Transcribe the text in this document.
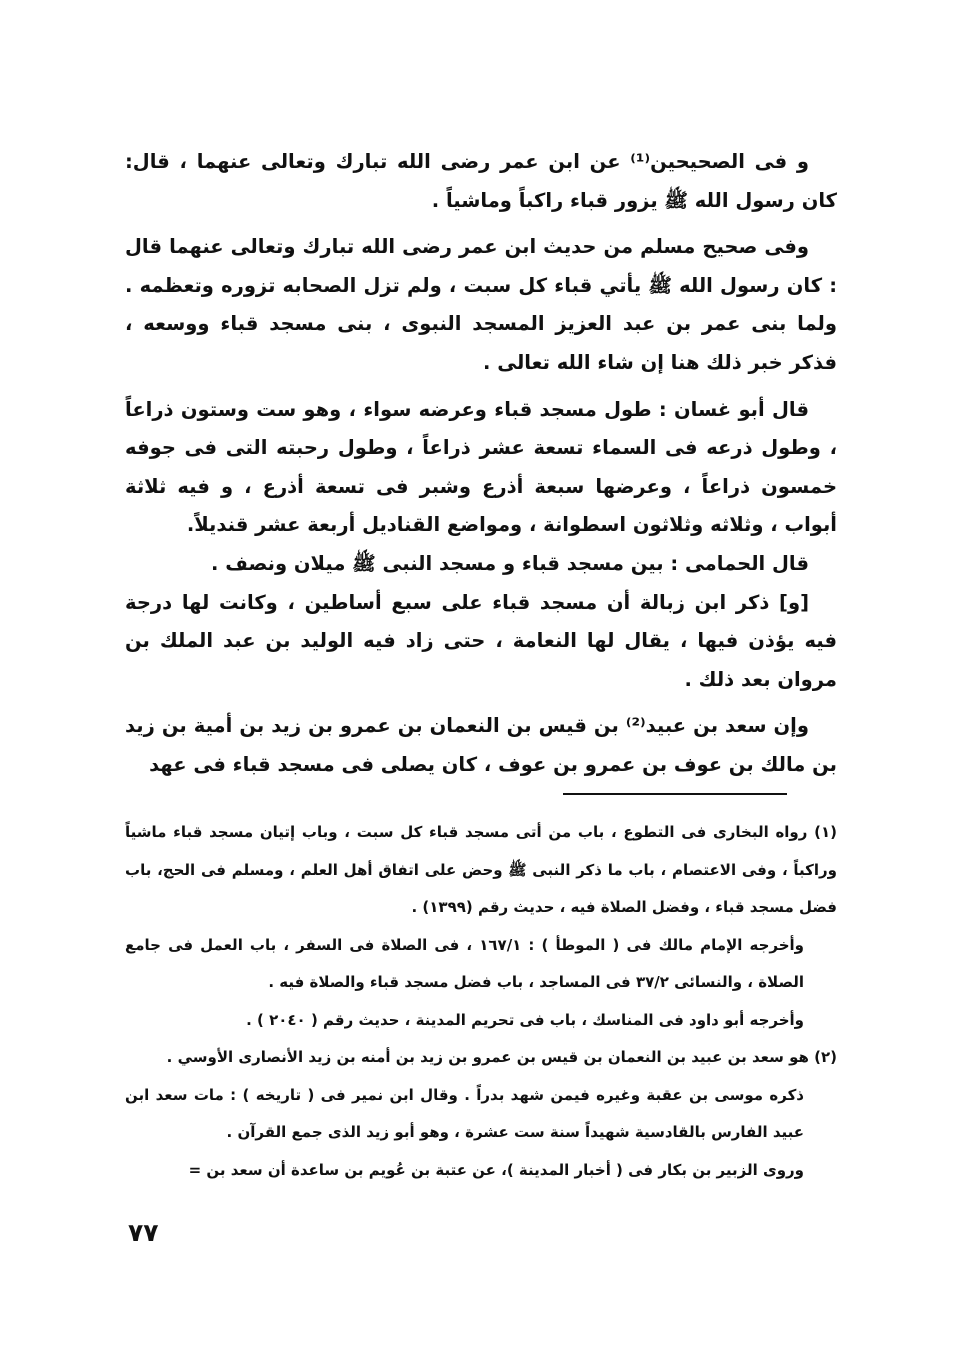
و فى الصحيحين⁽¹⁾ عن ابن عمر رضى الله تبارك وتعالى عنهما ، قال: كان رسول الله ﷺ يزور قباء راكباً وماشياً .

وفى صحيح مسلم من حديث ابن عمر رضى الله تبارك وتعالى عنهما قال : كان رسول الله ﷺ يأتي قباء كل سبت ، ولم تزل الصحابه تزوره وتعظمه . ولما بنى عمر بن عبد العزيز المسجد النبوى ، بنى مسجد قباء ووسعه ، فذكر خبر ذلك هنا إن شاء الله تعالى .

قال أبو غسان : طول مسجد قباء وعرضه سواء ، وهو ست وستون ذراعاً ، وطول ذرعه فى السماء تسعة عشر ذراعاً ، وطول رحبته التى فى جوفه خمسون ذراعاً ، وعرضها سبعة أذرع وشبر فى تسعة أذرع ، و فيه ثلاثة أبواب ، وثلاثه وثلاثون اسطوانة ، ومواضع القناديل أربعة عشر قنديلاً.

قال الحمامى : بين مسجد قباء و مسجد النبى ﷺ ميلان ونصف .

[و] ذكر ابن زبالة أن مسجد قباء على سبع أساطين ، وكانت لها درجة فيه يؤذن فيها ، يقال لها النعامة ، حتى زاد فيه الوليد بن عبد الملك بن مروان بعد ذلك .

وإن سعد بن عبيد⁽²⁾ بن قيس بن النعمان بن عمرو بن زيد بن أمية بن زيد بن مالك بن عوف بن عمرو بن عوف ، كان يصلى فى مسجد قباء فى عهد

(١) رواه البخارى فى التطوع ، باب من أتى مسجد قباء كل سبت ، وباب إتيان مسجد قباء ماشياً وراكباً ، وفى الاعتصام ، باب ما ذكر النبى ﷺ وحض على اتفاق أهل العلم ، ومسلم فى الحج، باب فضل مسجد قباء ، وفضل الصلاة فيه ، حديث رقم (١٣٩٩) .

وأخرجه الإمام مالك فى ( الموطأ ) : ١٦٧/١ ، فى الصلاة فى السفر ، باب العمل فى جامع الصلاة ، والنسائى ٣٧/٢ فى المساجد ، باب فضل مسجد قباء والصلاة فيه .

وأخرجه أبو داود فى المناسك ، باب فى تحريم المدينة ، حديث رقم ( ٢٠٤٠ ) .

(٢) هو سعد بن عبيد بن النعمان بن قيس بن عمرو بن زيد بن أمنه بن زيد الأنصارى الأوسي .

ذكره موسى بن عقبة وغيره فيمن شهد بدراً . وقال ابن نمير فى ( تاريخه ) : مات سعد ابن عبيد الفارس بالقادسية شهيداً سنة ست عشرة ، وهو أبو زيد الذى جمع القرآن .

وروى الزبير بن بكار فى ( أخبار المدينة )، عن عتبة بن عُويم بن ساعدة أن سعد بن =

٧٧
